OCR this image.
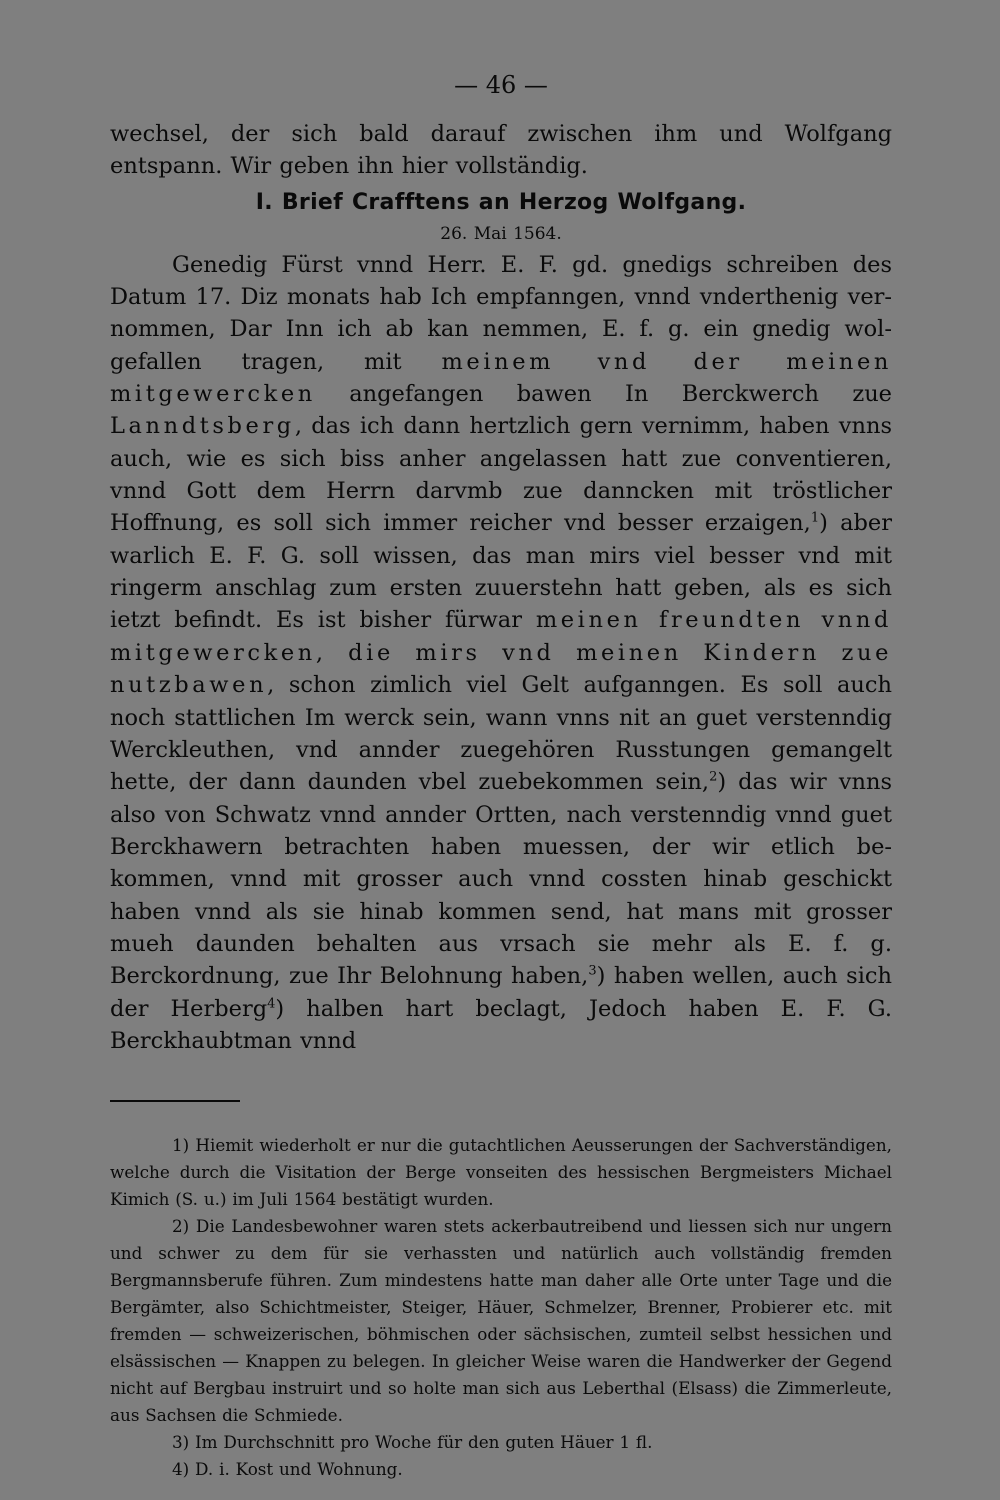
— 46 —

wechsel, der sich bald darauf zwischen ihm und Wolfgang entspann. Wir geben ihn hier vollständig.

I. Brief Crafftens an Herzog Wolfgang.
26. Mai 1564.

Genedig Fürst vnnd Herr. E. F. gd. gnedigs schreiben des Datum 17. Diz monats hab Ich empfanngen, vnnd vnderthenig vernommen, Dar Inn ich ab kan nemmen, E. f. g. ein gnedig wolgefallen tragen, mit meinem vnd der meinen mitgewercken angefangen bawen In Berckwerch zue Lanndtsberg, das ich dann hertzlich gern vernimm, haben vnns auch, wie es sich biss anher angelassen hatt zue conventieren, vnnd Gott dem Herrn darvmb zue danncken mit tröstlicher Hoffnung, es soll sich immer reicher vnd besser erzaigen,$^1$) aber warlich E. F. G. soll wissen, das man mirs viel besser vnd mit ringerm anschlag zum ersten zuuerstehn hatt geben, als es sich ietzt befindt. Es ist bisher fürwar meinen freundten vnnd mitgewercken, die mirs vnd meinen Kindern zue nutzbawen, schon zimlich viel Gelt aufganngen. Es soll auch noch stattlichen Im werck sein, wann vnns nit an guet verstenndig Werckleuthen, vnd annder zuegehören Russtungen gemangelt hette, der dann daunden vbel zuebekommen sein,$^2$) das wir vnns also von Schwatz vnnd annder Ortten, nach verstenndig vnnd guet Berckhawern betrachten haben muessen, der wir etlich bekommen, vnnd mit grosser auch vnnd cossten hinab geschickt haben vnnd als sie hinab kommen send, hat mans mit grosser mueh daunden behalten aus vrsach sie mehr als E. f. g. Berckordnung, zue Ihr Belohnung haben,$^3$) haben wellen, auch sich der Herberg$^4$) halben hart beclagt, Jedoch haben E. F. G. Berckhaubtman vnnd

1) Hiemit wiederholt er nur die gutachtlichen Aeusserungen der Sachverständigen, welche durch die Visitation der Berge vonseiten des hessischen Bergmeisters Michael Kimich (S. u.) im Juli 1564 bestätigt wurden.

2) Die Landesbewohner waren stets ackerbautreibend und liessen sich nur ungern und schwer zu dem für sie verhassten und natürlich auch vollständig fremden Bergmannsberufe führen. Zum mindestens hatte man daher alle Orte unter Tage und die Bergämter, also Schichtmeister, Steiger, Häuer, Schmelzer, Brenner, Probierer etc. mit fremden — schweizerischen, böhmischen oder sächsischen, zumteil selbst hessichen und elsässischen — Knappen zu belegen. In gleicher Weise waren die Handwerker der Gegend nicht auf Bergbau instruirt und so holte man sich aus Leberthal (Elsass) die Zimmerleute, aus Sachsen die Schmiede.

3) Im Durchschnitt pro Woche für den guten Häuer 1 fl.

4) D. i. Kost und Wohnung.
